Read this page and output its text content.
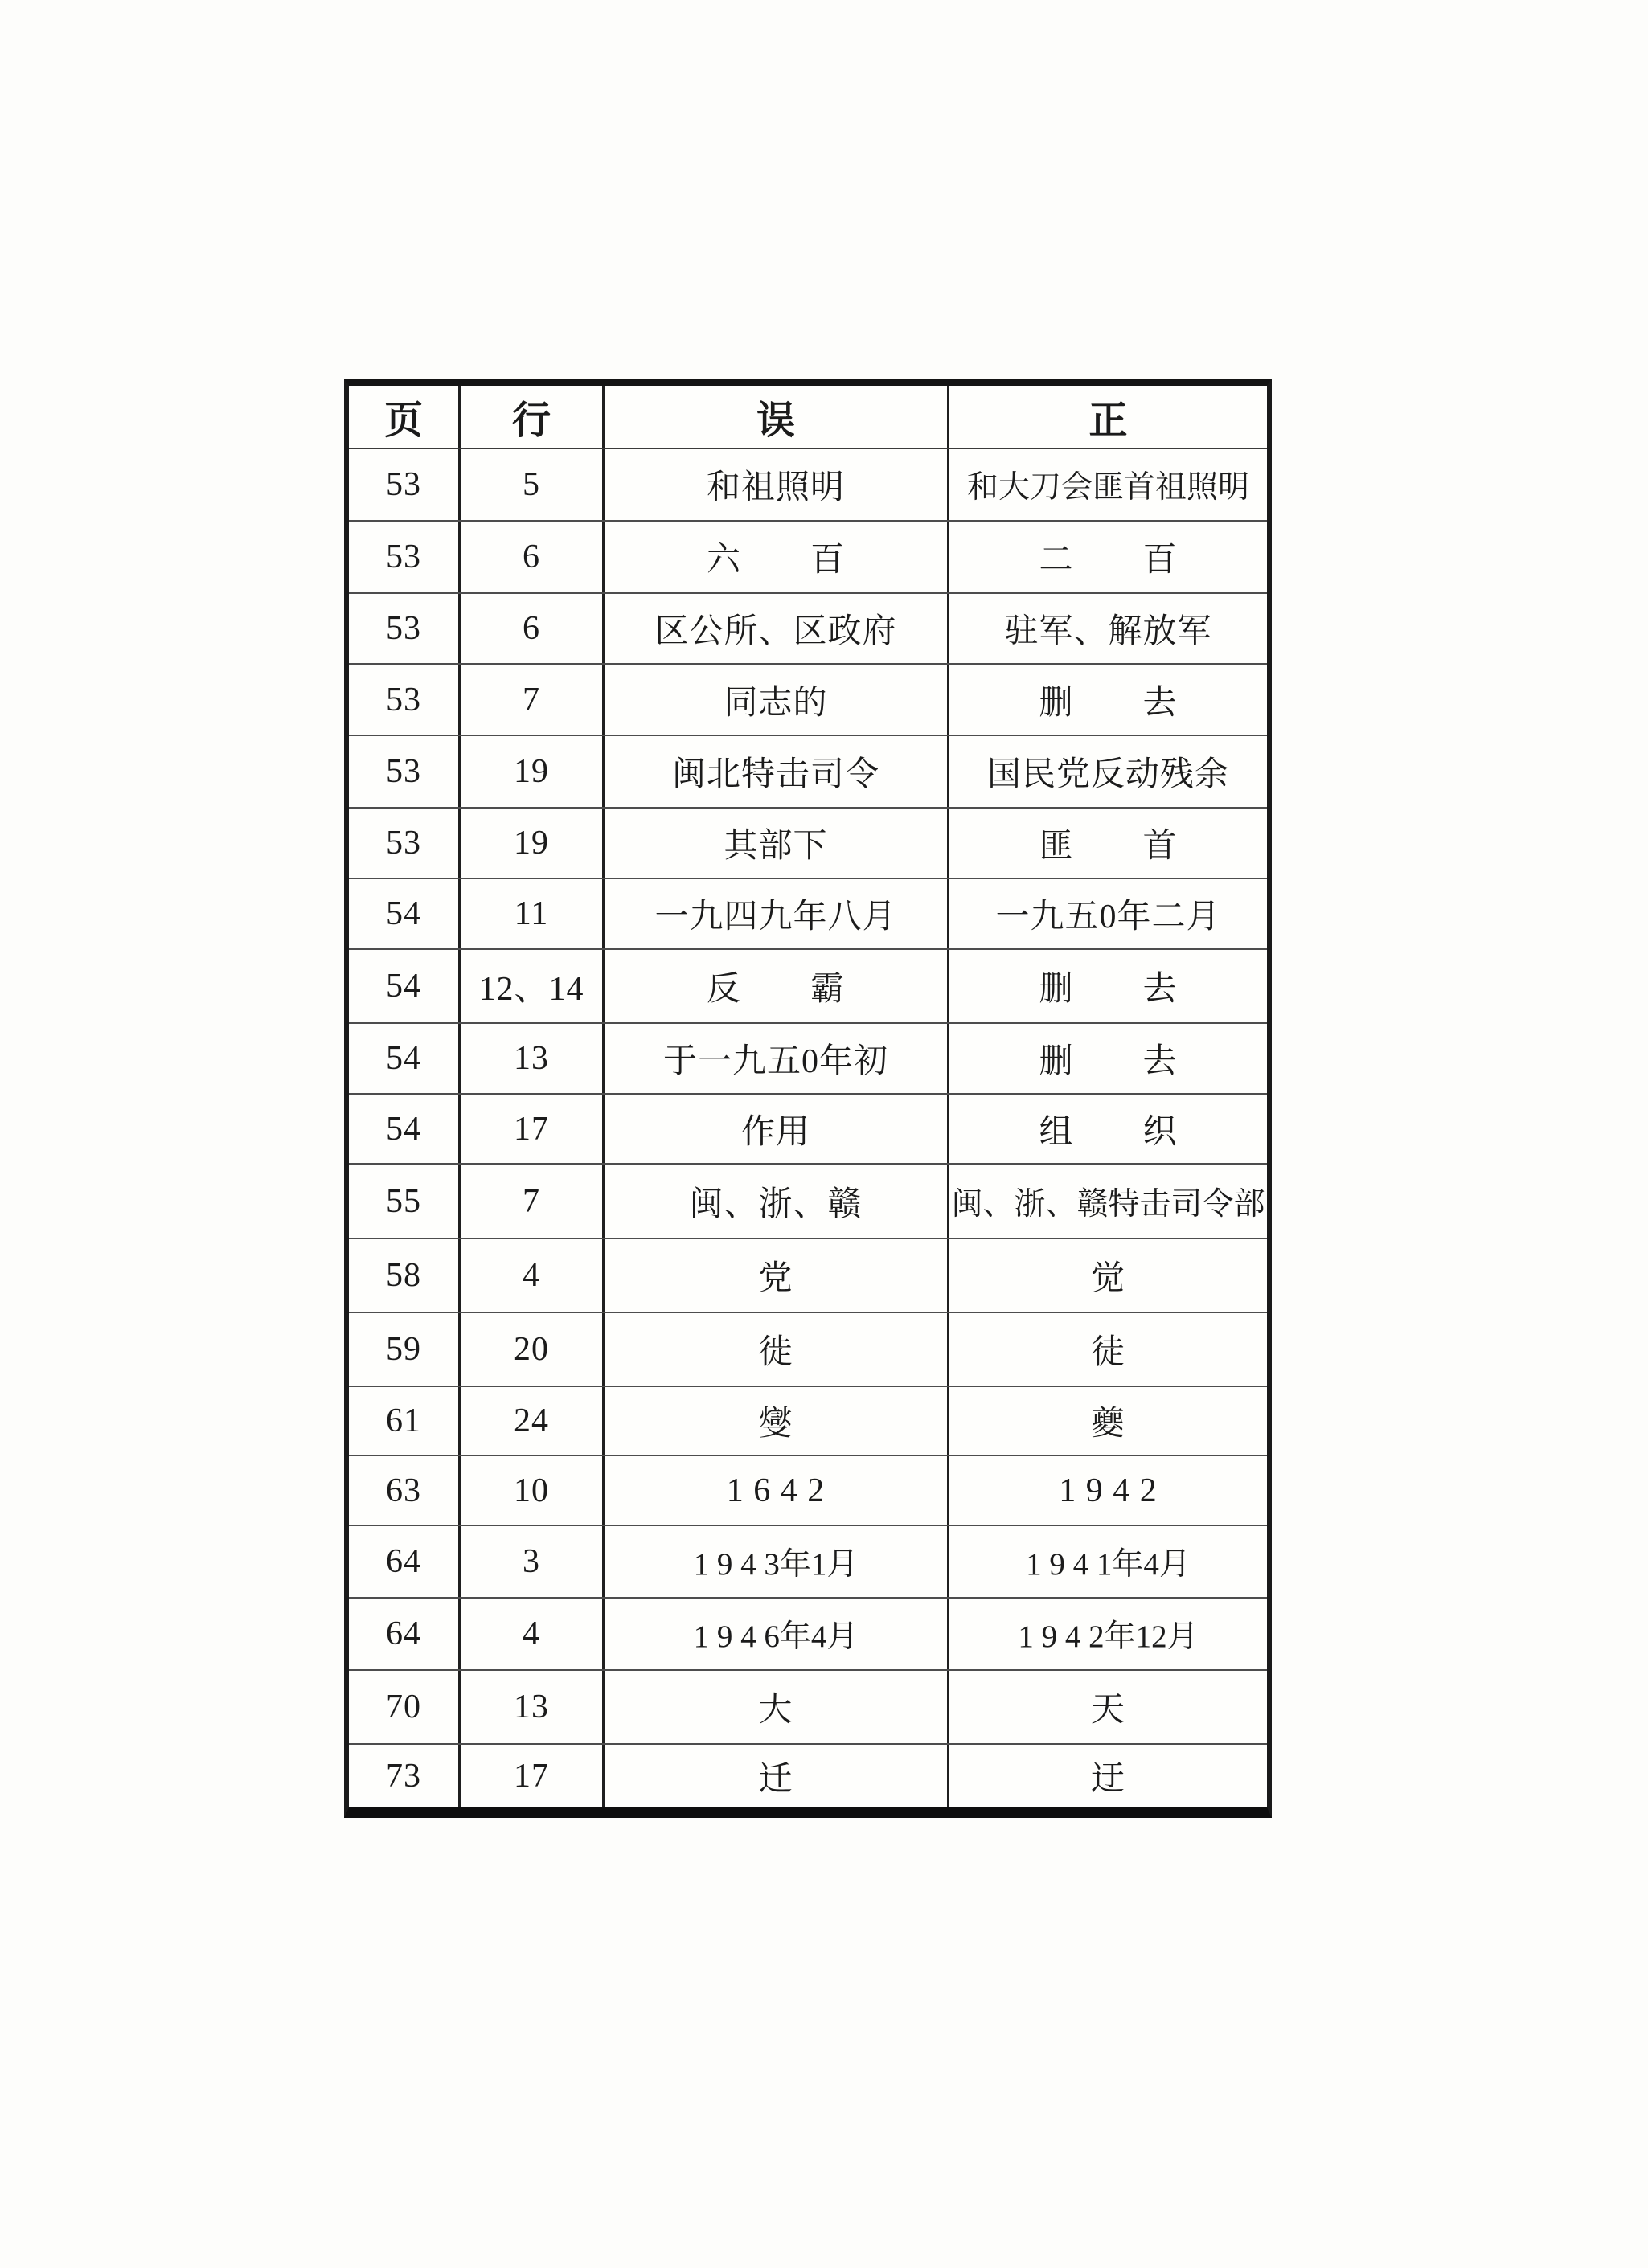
页	行	误	正
53	5	和祖照明	和大刀会匪首祖照明
53	6	六　　百	二　　百
53	6	区公所、区政府	驻军、解放军
53	7	同志的	删　　去
53	19	闽北特击司令	国民党反动残余
53	19	其部下	匪　　首
54	11	一九四九年八月	一九五0年二月
54	12、14	反　　霸	删　　去
54	13	于一九五0年初	删　　去
54	17	作用	组　　织
55	7	闽、浙、赣	闽、浙、赣特击司令部
58	4	党	觉
59	20	徙	徒
61	24	燮	夔
63	10	1 6 4 2	1 9 4 2
64	3	1 9 4 3年1月	1 9 4 1年4月
64	4	1 9 4 6年4月	1 9 4 2年12月
70	13	大	天
73	17	迁	迂
